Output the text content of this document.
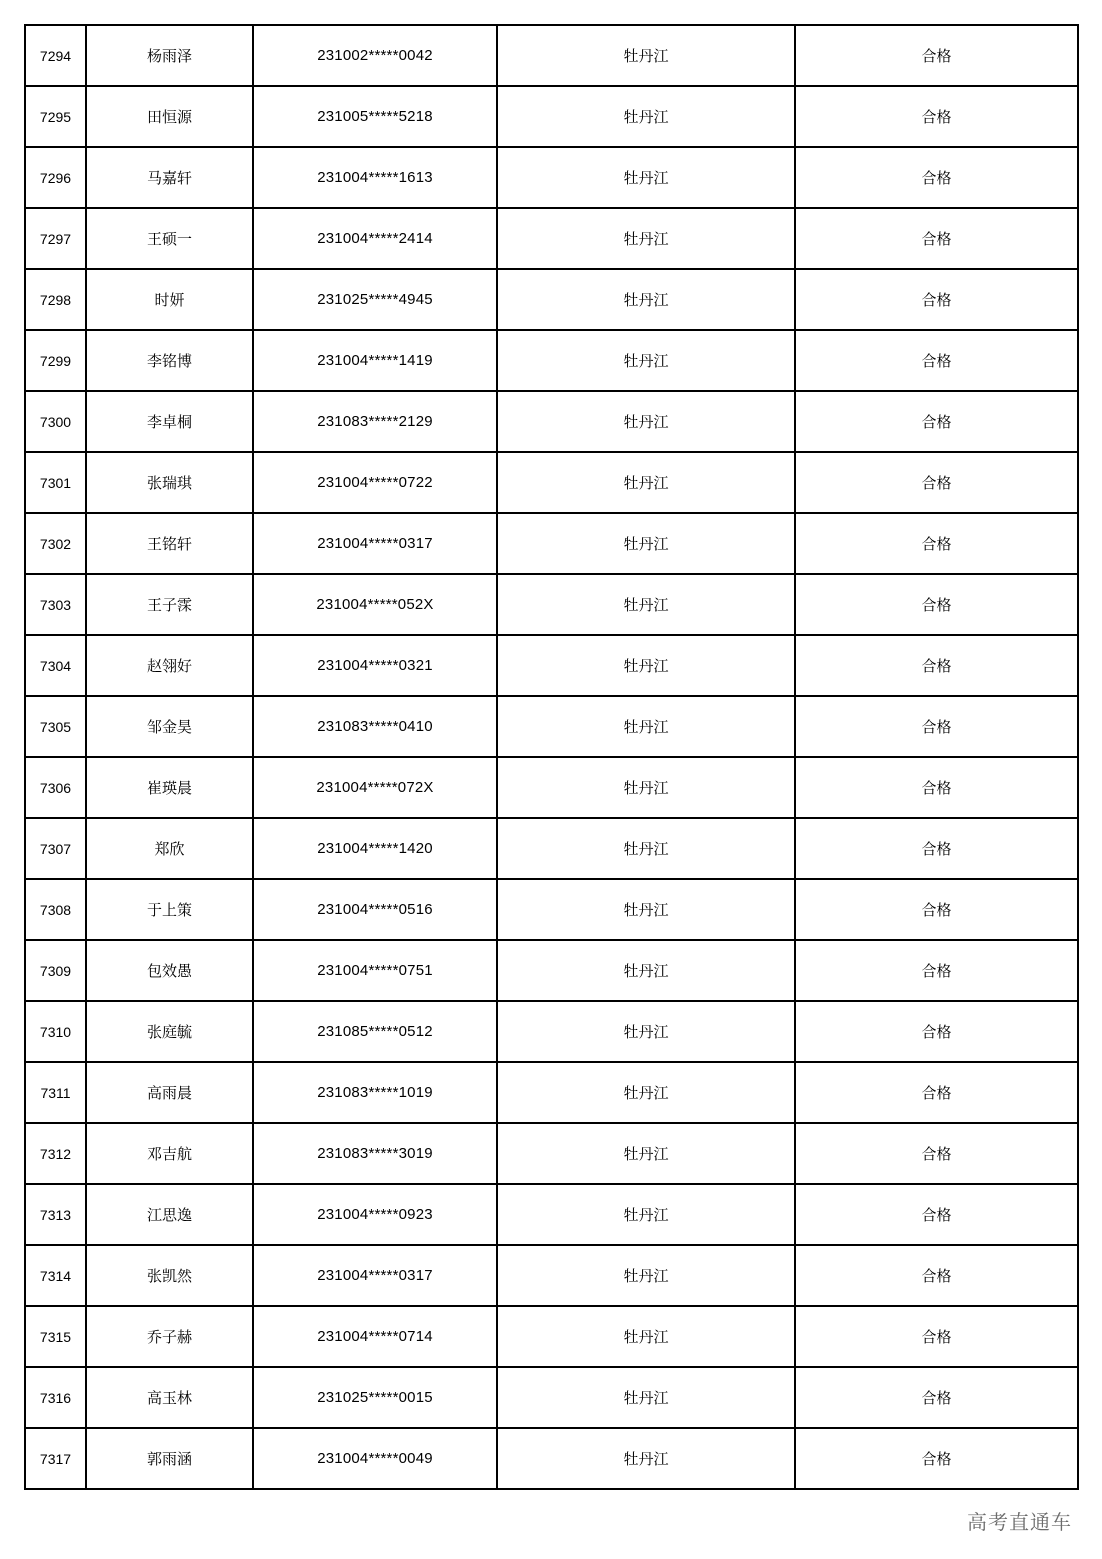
7294	杨雨泽	231002*****0042	牡丹江	合格
7295	田恒源	231005*****5218	牡丹江	合格
7296	马嘉轩	231004*****1613	牡丹江	合格
7297	王硕一	231004*****2414	牡丹江	合格
7298	时妍	231025*****4945	牡丹江	合格
7299	李铭博	231004*****1419	牡丹江	合格
7300	李卓桐	231083*****2129	牡丹江	合格
7301	张瑞琪	231004*****0722	牡丹江	合格
7302	王铭轩	231004*****0317	牡丹江	合格
7303	王子霂	231004*****052X	牡丹江	合格
7304	赵翎好	231004*****0321	牡丹江	合格
7305	邹金昊	231083*****0410	牡丹江	合格
7306	崔瑛晨	231004*****072X	牡丹江	合格
7307	郑欣	231004*****1420	牡丹江	合格
7308	于上策	231004*****0516	牡丹江	合格
7309	包效愚	231004*****0751	牡丹江	合格
7310	张庭毓	231085*****0512	牡丹江	合格
7311	高雨晨	231083*****1019	牡丹江	合格
7312	邓吉航	231083*****3019	牡丹江	合格
7313	江思逸	231004*****0923	牡丹江	合格
7314	张凯然	231004*****0317	牡丹江	合格
7315	乔子赫	231004*****0714	牡丹江	合格
7316	高玉林	231025*****0015	牡丹江	合格
7317	郭雨涵	231004*****0049	牡丹江	合格
高考直通车
